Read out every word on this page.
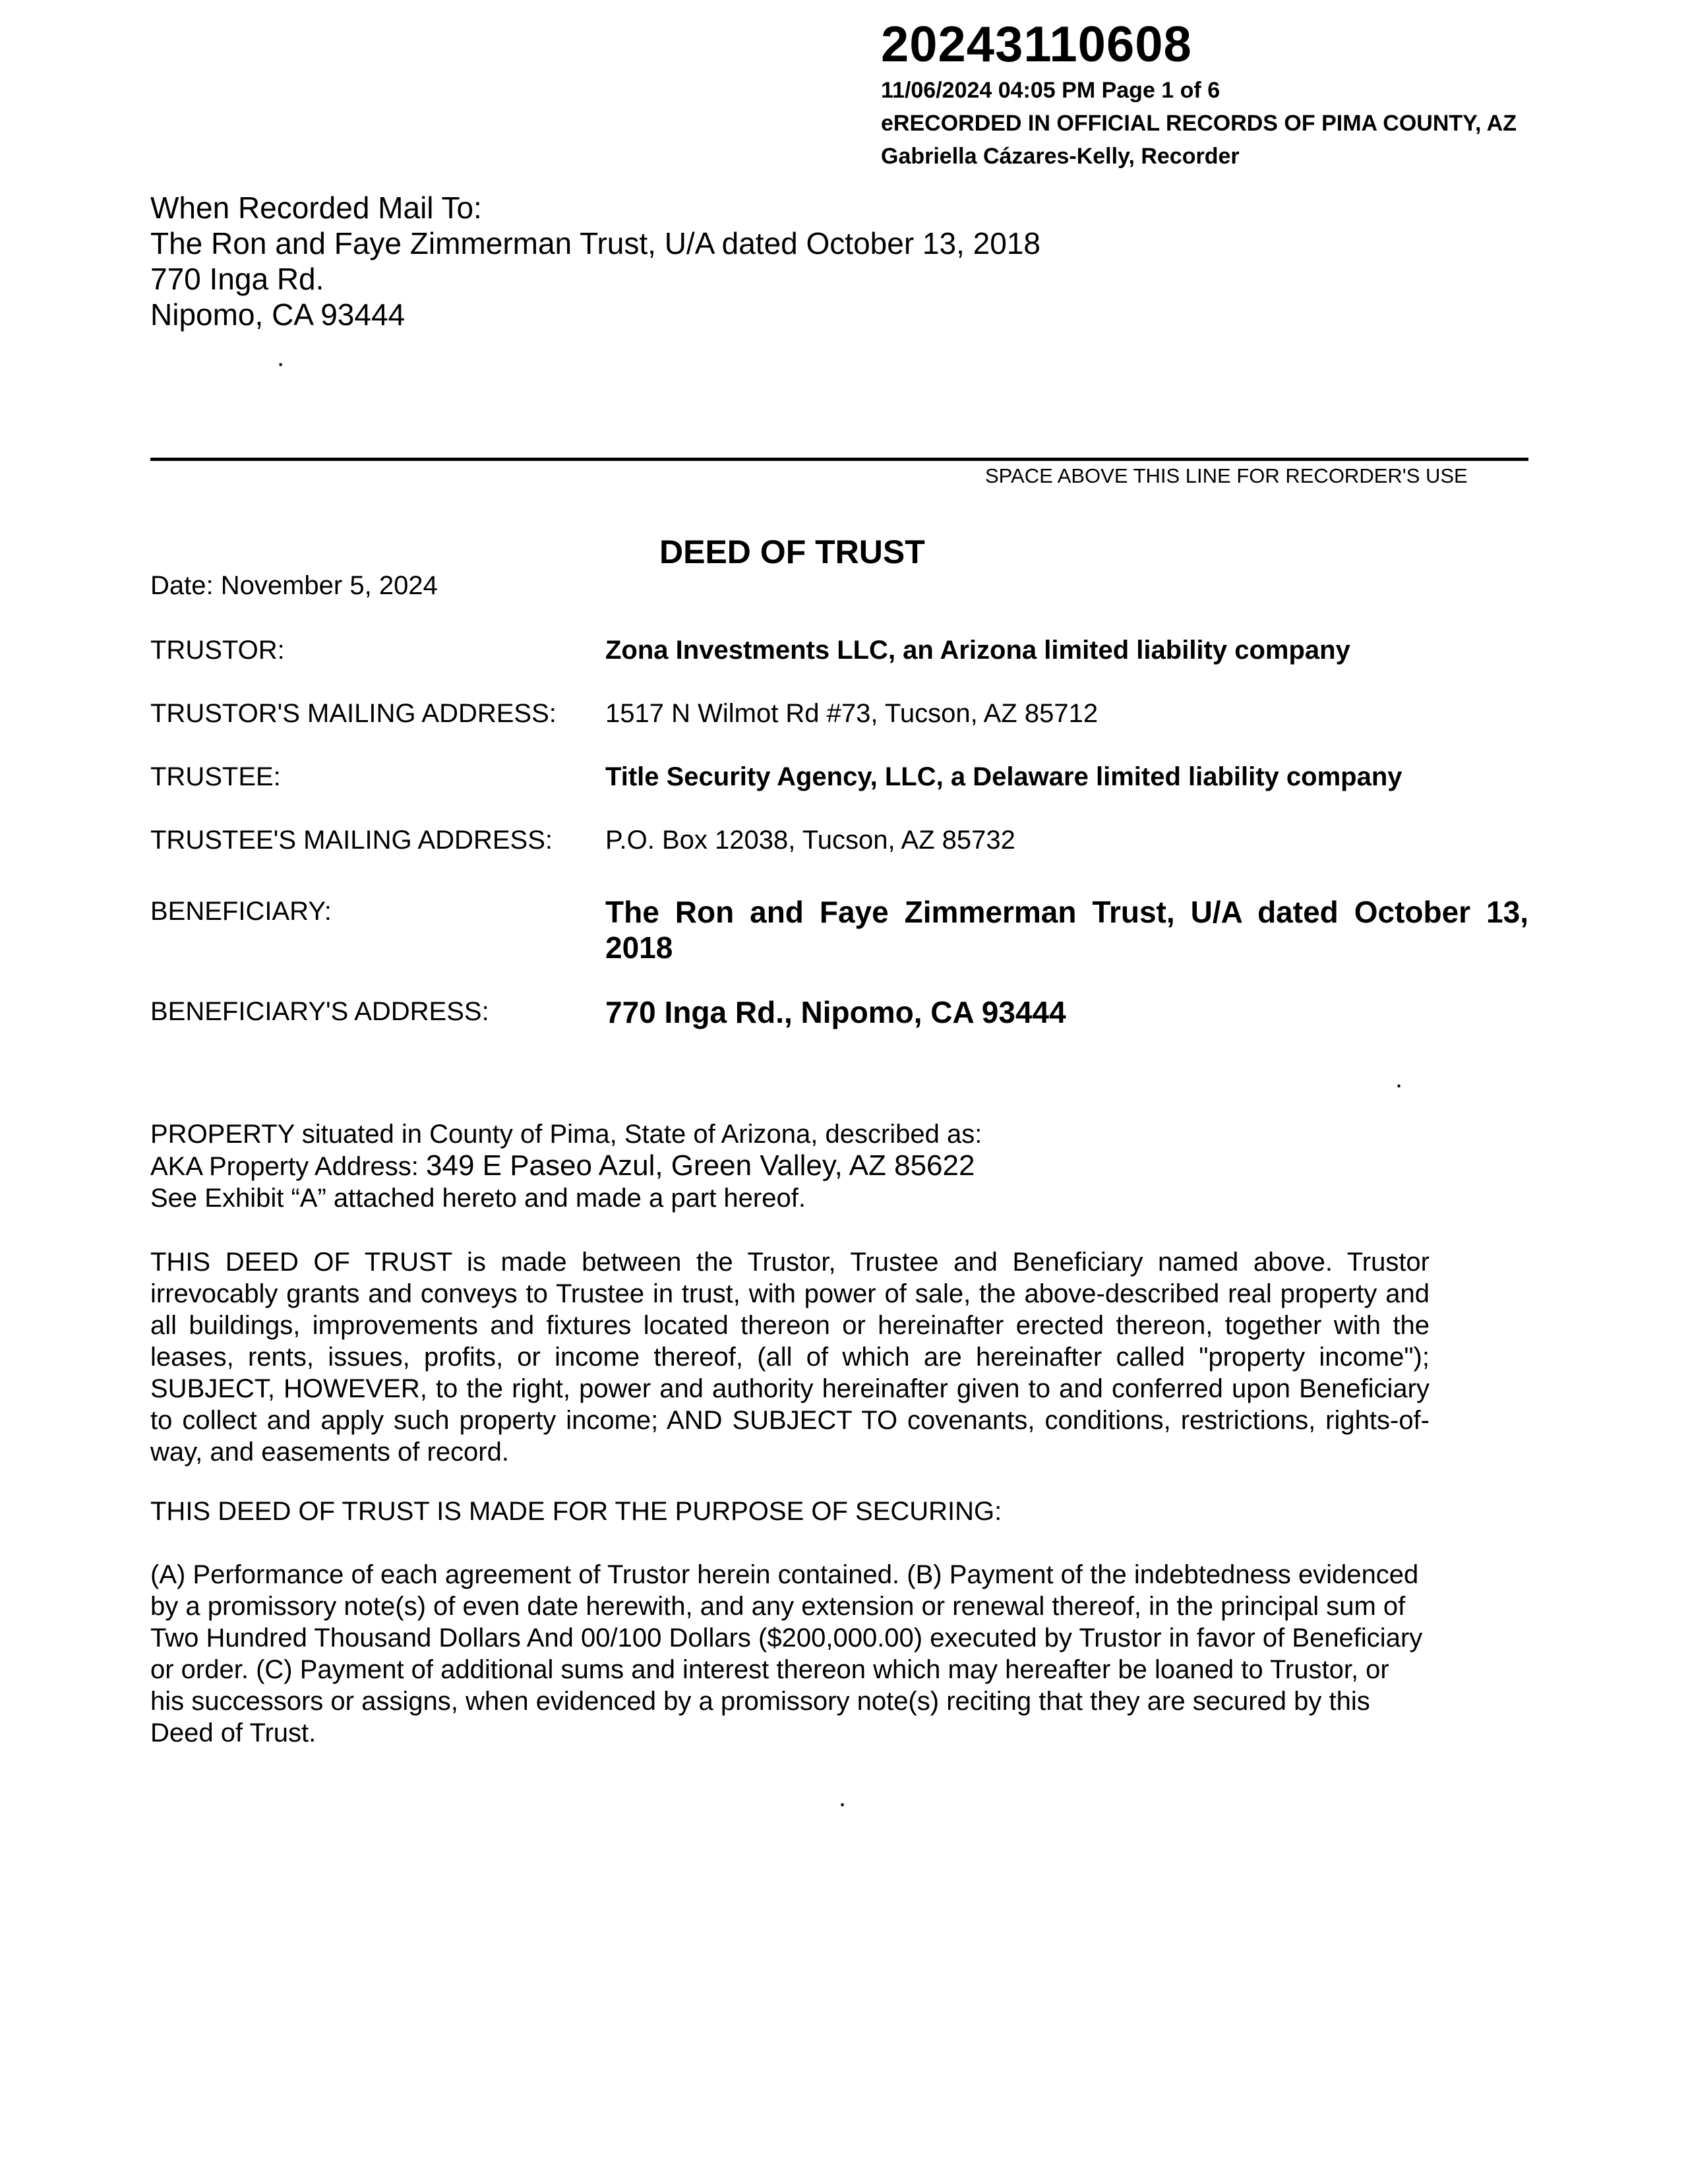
20243110608
11/06/2024 04:05 PM Page 1 of 6
eRECORDED IN OFFICIAL RECORDS OF PIMA COUNTY, AZ
Gabriella Cázares-Kelly, Recorder
When Recorded Mail To:
The Ron and Faye Zimmerman Trust, U/A dated October 13, 2018
770 Inga Rd.
Nipomo, CA 93444
.
SPACE ABOVE THIS LINE FOR RECORDER'S USE
DEED OF TRUST
Date: November 5, 2024
TRUSTOR:	Zona Investments LLC, an Arizona limited liability company
TRUSTOR'S MAILING ADDRESS: 1517 N Wilmot Rd #73, Tucson, AZ 85712
TRUSTEE:	Title Security Agency, LLC, a Delaware limited liability company
TRUSTEE'S MAILING ADDRESS: P.O. Box 12038, Tucson, AZ 85732
BENEFICIARY:	The Ron and Faye Zimmerman Trust, U/A dated October 13, 2018
BENEFICIARY'S ADDRESS:	770 Inga Rd., Nipomo, CA 93444
.
PROPERTY situated in County of Pima, State of Arizona, described as:
AKA Property Address: 349 E Paseo Azul, Green Valley, AZ 85622
See Exhibit “A” attached hereto and made a part hereof.
THIS DEED OF TRUST is made between the Trustor, Trustee and Beneficiary named above. Trustor irrevocably grants and conveys to Trustee in trust, with power of sale, the above-described real property and all buildings, improvements and fixtures located thereon or hereinafter erected thereon, together with the leases, rents, issues, profits, or income thereof, (all of which are hereinafter called "property income"); SUBJECT, HOWEVER, to the right, power and authority hereinafter given to and conferred upon Beneficiary to collect and apply such property income; AND SUBJECT TO covenants, conditions, restrictions, rights-of-way, and easements of record.
THIS DEED OF TRUST IS MADE FOR THE PURPOSE OF SECURING:
(A) Performance of each agreement of Trustor herein contained. (B) Payment of the indebtedness evidenced by a promissory note(s) of even date herewith, and any extension or renewal thereof, in the principal sum of Two Hundred Thousand Dollars And 00/100 Dollars ($200,000.00) executed by Trustor in favor of Beneficiary or order. (C) Payment of additional sums and interest thereon which may hereafter be loaned to Trustor, or his successors or assigns, when evidenced by a promissory note(s) reciting that they are secured by this Deed of Trust.
.
